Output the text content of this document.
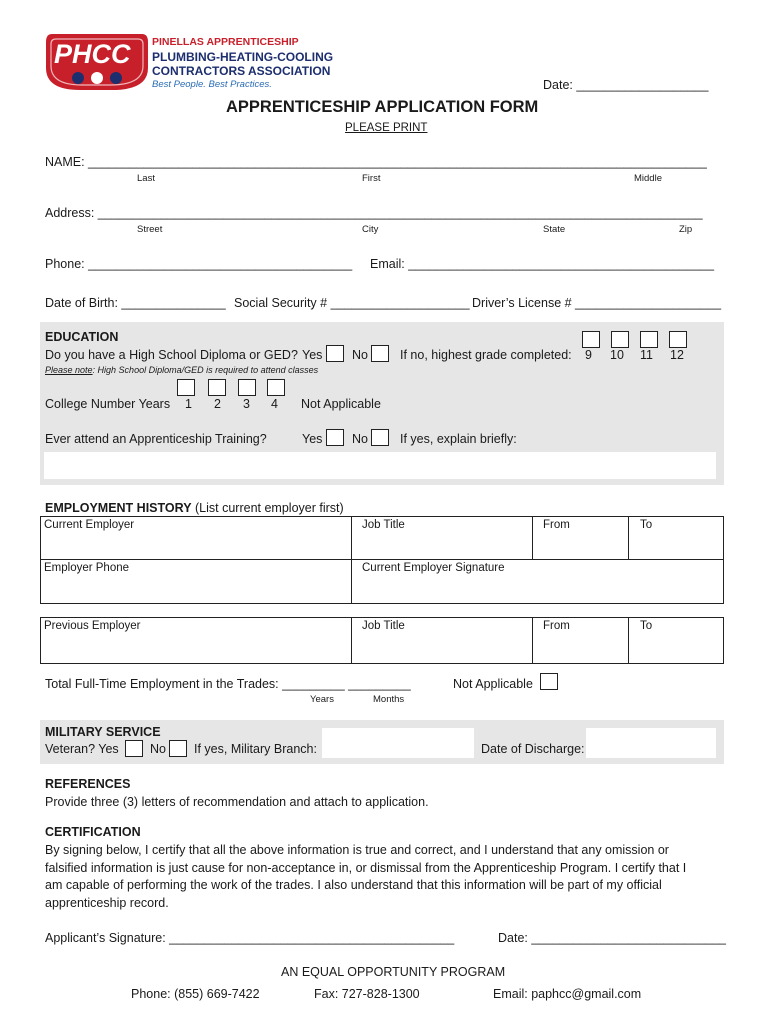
PHCC PINELLAS APPRENTICESHIP
PLUMBING-HEATING-COOLING
CONTRACTORS ASSOCIATION
Best People. Best Practices.	Date: ___________________
APPRENTICESHIP APPLICATION FORM
PLEASE PRINT
NAME: _________________________________________________________________________________________
Last	First	Middle
Address: _______________________________________________________________________________________
Street	City	State	Zip
Phone: ______________________________________ Email: ____________________________________________
Date of Birth: _______________ Social Security # ____________________ Driver’s License # _____________________
EDUCATION
Do you have a High School Diploma or GED? Yes No	If no, highest grade completed: 9 10 11 12
Please note: High School Diploma/GED is required to attend classes
College Number Years 1 2 3 4 Not Applicable
Ever attend an Apprenticeship Training?	Yes No	If yes, explain briefly:
EMPLOYMENT HISTORY (List current employer first)
Current Employer	Job Title	From	To
Employer Phone	Current Employer Signature
Previous Employer	Job Title	From	To
Total Full-Time Employment in the Trades: _________ _________
Years	Months
Not Applicable
MILITARY SERVICE
Veteran? Yes	No If yes, Military Branch:	Date of Discharge:
REFERENCES
Provide three (3) letters of recommendation and attach to application.
CERTIFICATION
By signing below, I certify that all the above information is true and correct, and I understand that any omission or
falsified information is just cause for non-acceptance in, or dismissal from the Apprenticeship Program. I certify that I
am capable of performing the work of the trades. I also understand that this information will be part of my official
apprenticeship record.
Applicant’s Signature: _________________________________________	Date: ____________________________
AN EQUAL OPPORTUNITY PROGRAM
Phone: (855) 669-7422	Fax: 727-828-1300	Email: paphcc@gmail.com
